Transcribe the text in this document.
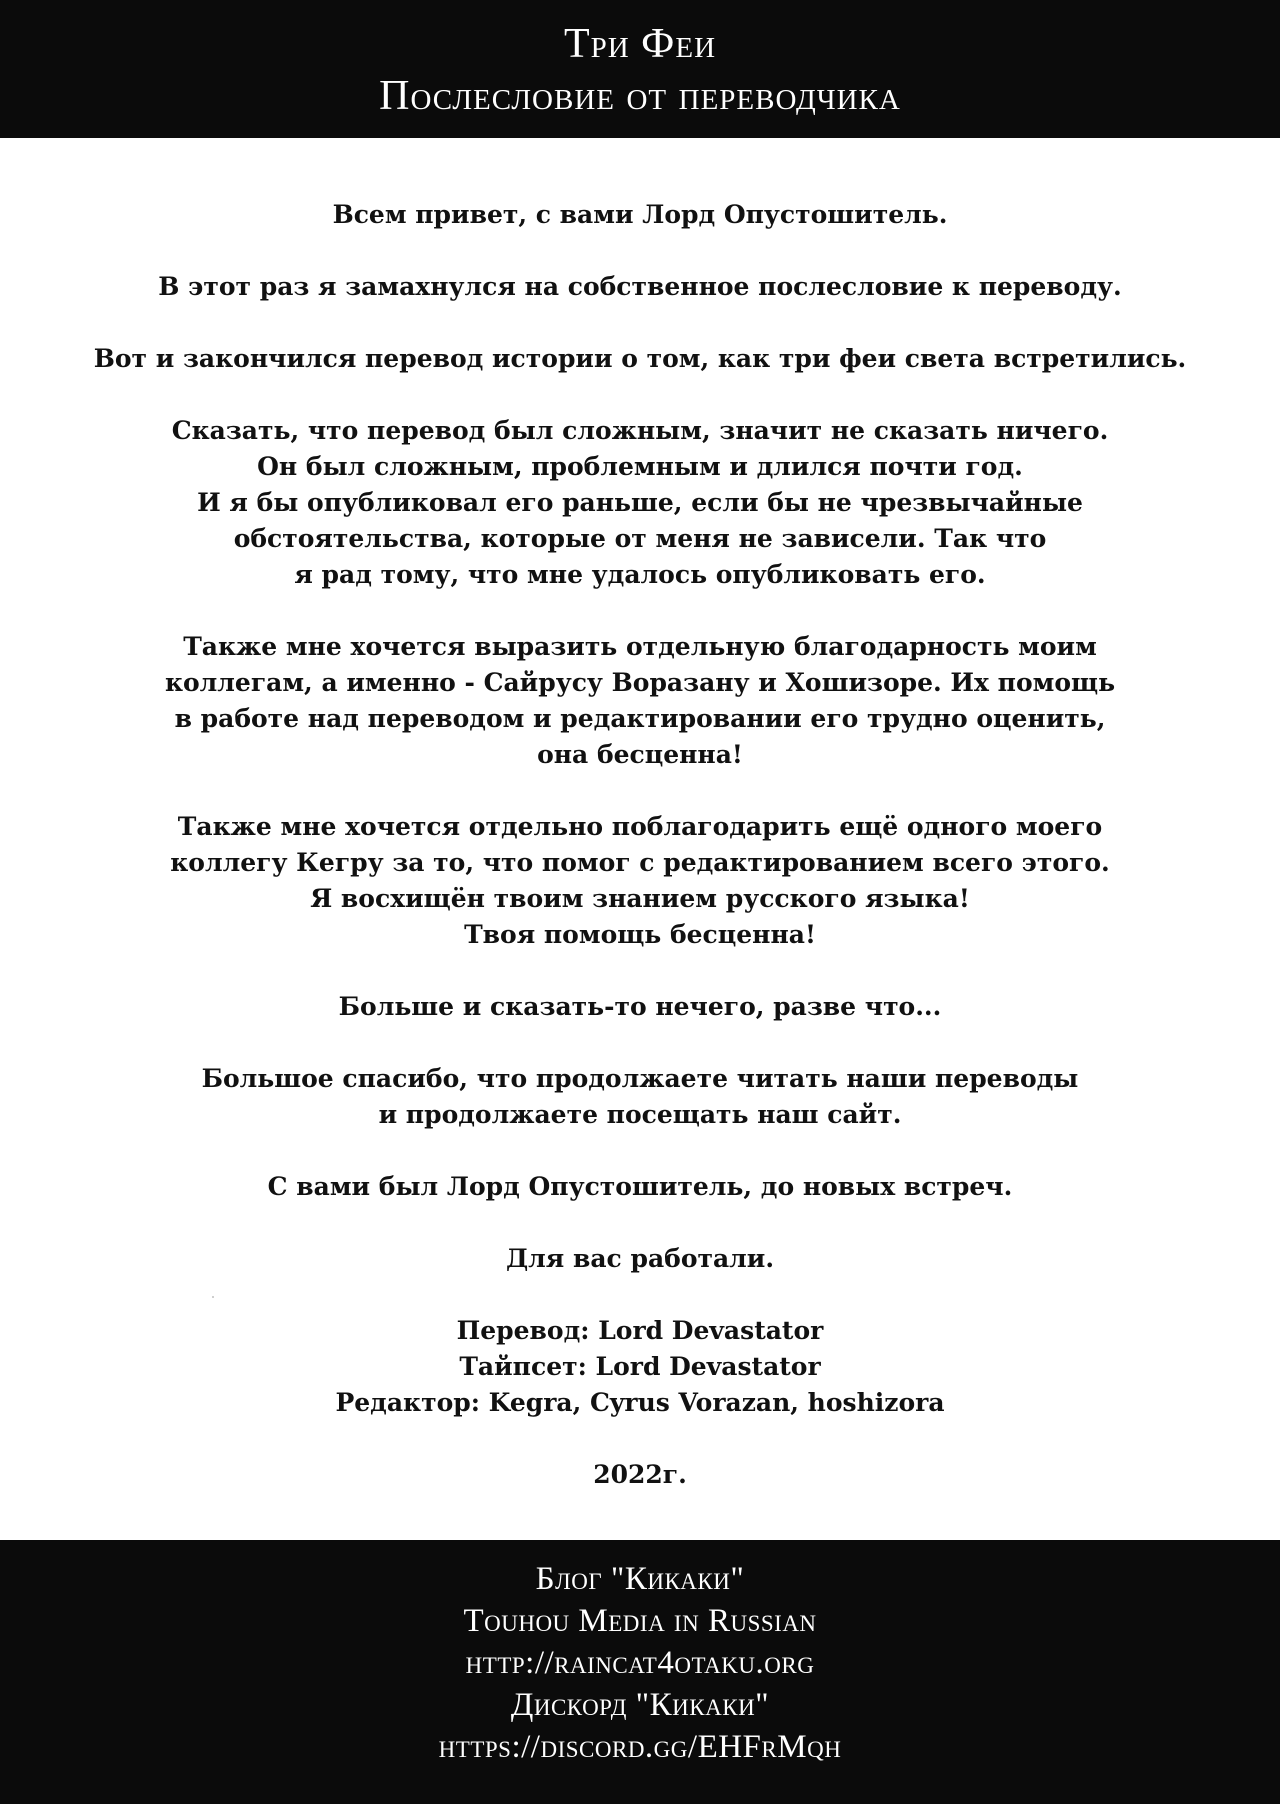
Три Феи
Послесловие от переводчика
Всем привет, с вами Лорд Опустошитель.
В этот раз я замахнулся на собственное послесловие к переводу.
Вот и закончился перевод истории о том, как три феи света встретились.
Сказать, что перевод был сложным, значит не сказать ничего.
Он был сложным, проблемным и длился почти год.
И я бы опубликовал его раньше, если бы не чрезвычайные
обстоятельства, которые от меня не зависели. Так что
я рад тому, что мне удалось опубликовать его.
Также мне хочется выразить отдельную благодарность моим
коллегам, а именно - Сайрусу Воразану и Хошизоре. Их помощь
в работе над переводом и редактировании его трудно оценить,
она бесценна!
Также мне хочется отдельно поблагодарить ещё одного моего
коллегу Кегру за то, что помог с редактированием всего этого.
Я восхищён твоим знанием русского языка!
Твоя помощь бесценна!
Больше и сказать-то нечего, разве что...
Большое спасибо, что продолжаете читать наши переводы
и продолжаете посещать наш сайт.
С вами был Лорд Опустошитель, до новых встреч.
Для вас работали.
Перевод: Lord Devastator
Тайпсет: Lord Devastator
Редактор: Kegra, Cyrus Vorazan, hoshizora
2022г.
Блог "Кикаки"
Touhou Media in Russian
http://raincat4otaku.org
Дискорд "Кикаки"
https://discord.gg/EHFrMqh
